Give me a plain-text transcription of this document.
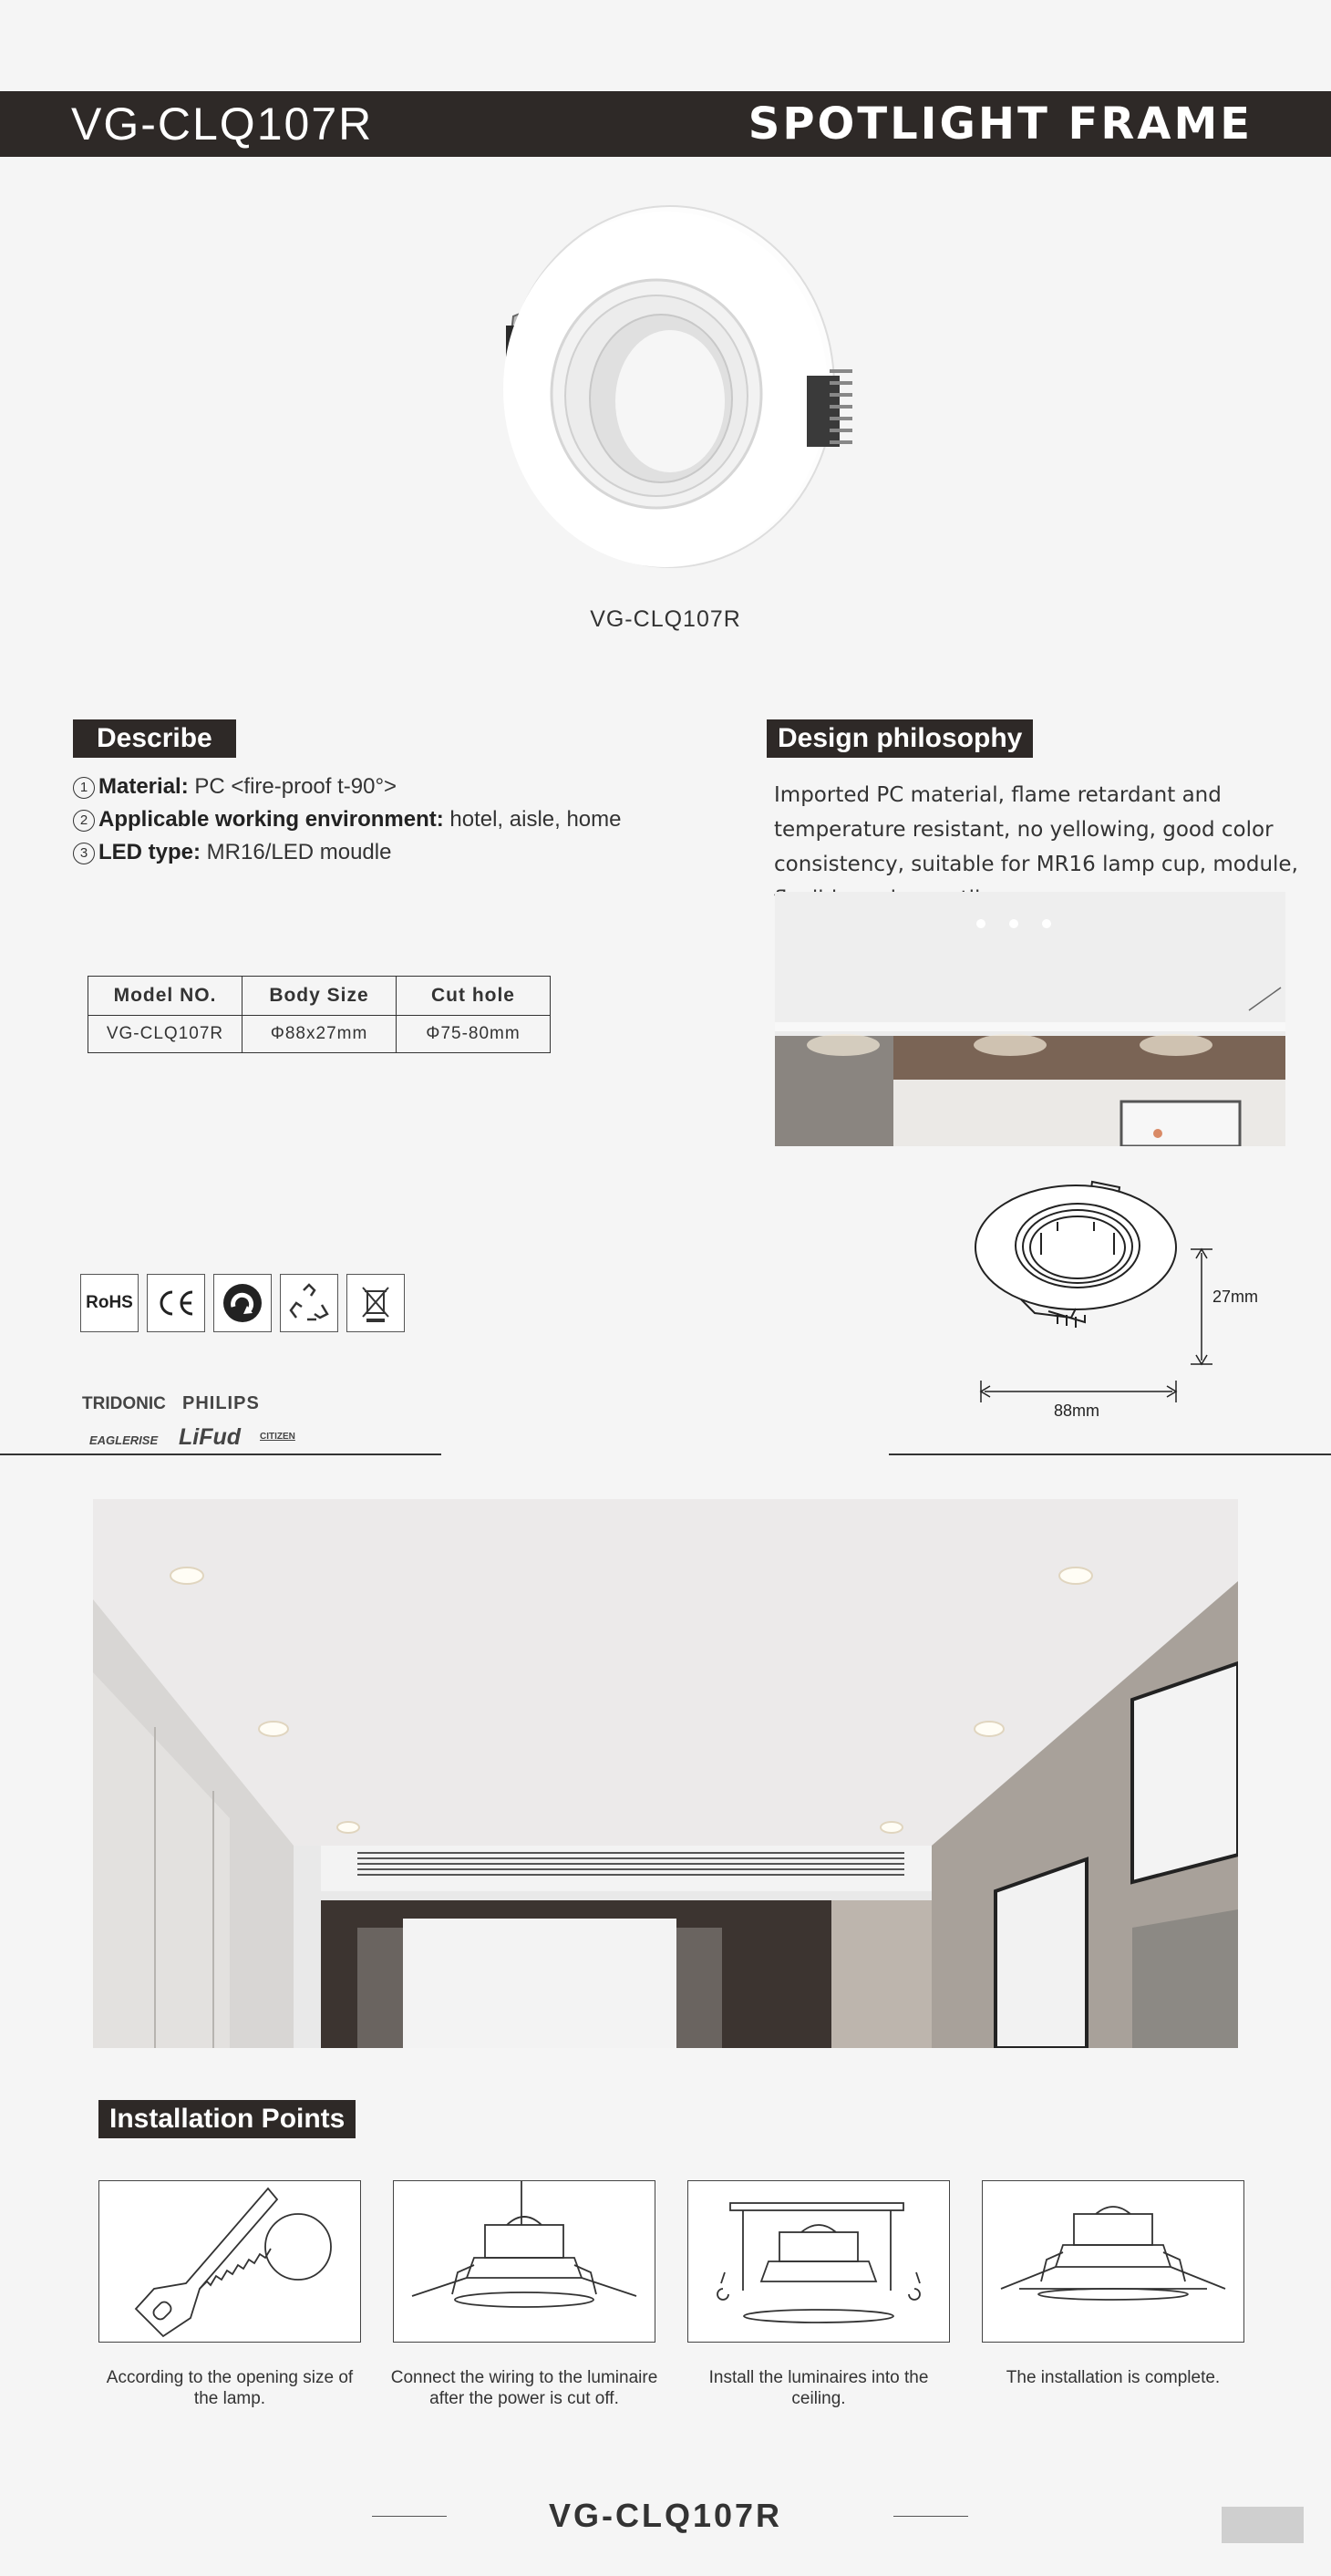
VG-CLQ107R	SPOTLIGHT FRAME
VG-CLQ107R
Describe
1 Material: PC <fire-proof t-90°>
2 Applicable working environment: hotel, aisle, home
3 LED type: MR16/LED moudle
Design philosophy
Imported PC material, flame retardant and temperature resistant, no yellowing, good color consistency, suitable for MR16 lamp cup, module,
Model NO.	Body Size	Cut hole
VG-CLQ107R	Φ88x27mm	Φ75-80mm
27mm
88mm
RoHS
TRIDONIC PHILIPS
EAGLERISE LiFud CITIZEN
Installation Points
According to the opening size of the lamp.
Connect the wiring to the luminaire after the power is cut off.
Install the luminaires into the ceiling.
The installation is complete.
VG-CLQ107R
